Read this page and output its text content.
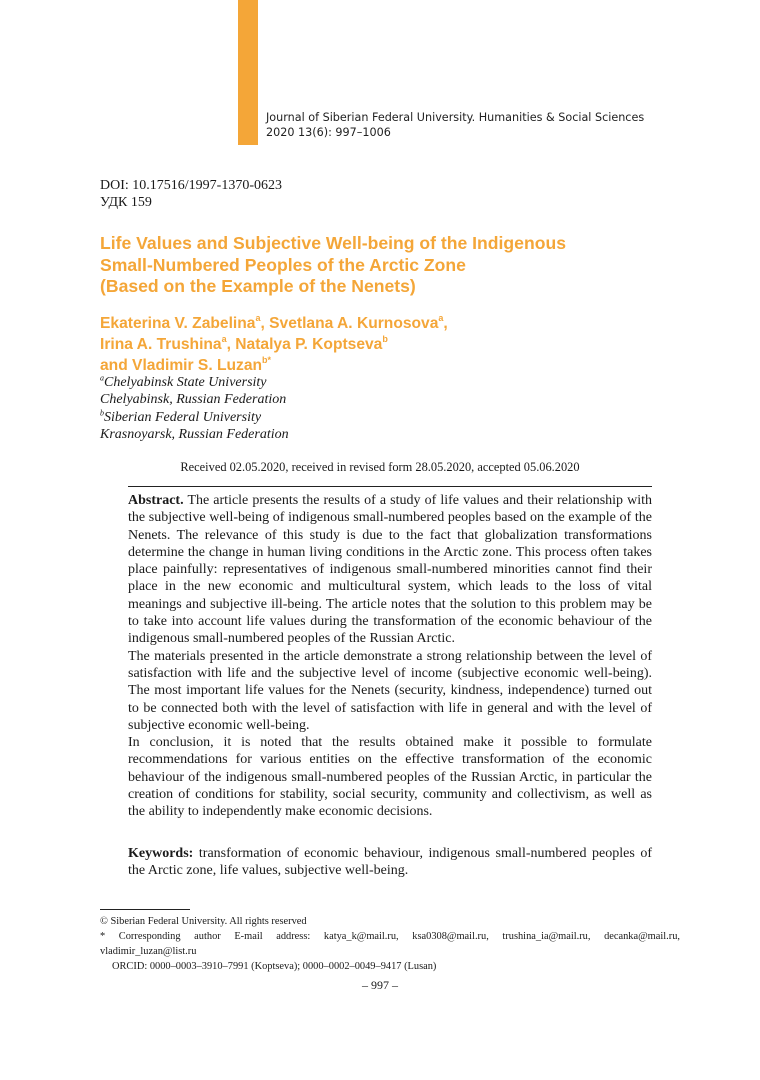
Journal of Siberian Federal University. Humanities & Social Sciences
2020 13(6): 997–1006
DOI: 10.17516/1997-1370-0623
УДК 159
Life Values and Subjective Well-being of the Indigenous
Small-Numbered Peoples of the Arctic Zone
(Based on the Example of the Nenets)
Ekaterina V. Zabelina$^a$, Svetlana A. Kurnosova$^a$,
Irina A. Trushina$^a$, Natalya P. Koptseva$^b$
and Vladimir S. Luzan$^{b*}$
$^a$Chelyabinsk State University
Chelyabinsk, Russian Federation
$^b$Siberian Federal University
Krasnoyarsk, Russian Federation
Received 02.05.2020, received in revised form 28.05.2020, accepted 05.06.2020

Abstract. The article presents the results of a study of life values and their relationship with the subjective well-being of indigenous small-numbered peoples based on the example of the Nenets. The relevance of this study is due to the fact that globalization transformations determine the change in human living conditions in the Arctic zone. This process often takes place painfully: representatives of indigenous small-numbered minorities cannot find their place in the new economic and multicultural system, which leads to the loss of vital meanings and subjective ill-being. The article notes that the solution to this problem may be to take into account life values during the transformation of the economic behaviour of the indigenous small-numbered peoples of the Russian Arctic.

The materials presented in the article demonstrate a strong relationship between the level of satisfaction with life and the subjective level of income (subjective economic well-being). The most important life values for the Nenets (security, kindness, independence) turned out to be connected both with the level of satisfaction with life in general and with the level of subjective economic well-being.

In conclusion, it is noted that the results obtained make it possible to formulate recommendations for various entities on the effective transformation of the economic behaviour of the indigenous small-numbered peoples of the Russian Arctic, in particular the creation of conditions for stability, social security, community and collectivism, as well as the ability to independently make economic decisions.

Keywords: transformation of economic behaviour, indigenous small-numbered peoples of the Arctic zone, life values, subjective well-being.

© Siberian Federal University. All rights reserved

* Corresponding author E-mail address: katya_k@mail.ru, ksa0308@mail.ru, trushina_ia@mail.ru, decanka@mail.ru, vladimir_luzan@list.ru

ORCID: 0000–0003–3910–7991 (Koptseva); 0000–0002–0049–9417 (Lusan)

– 997 –
